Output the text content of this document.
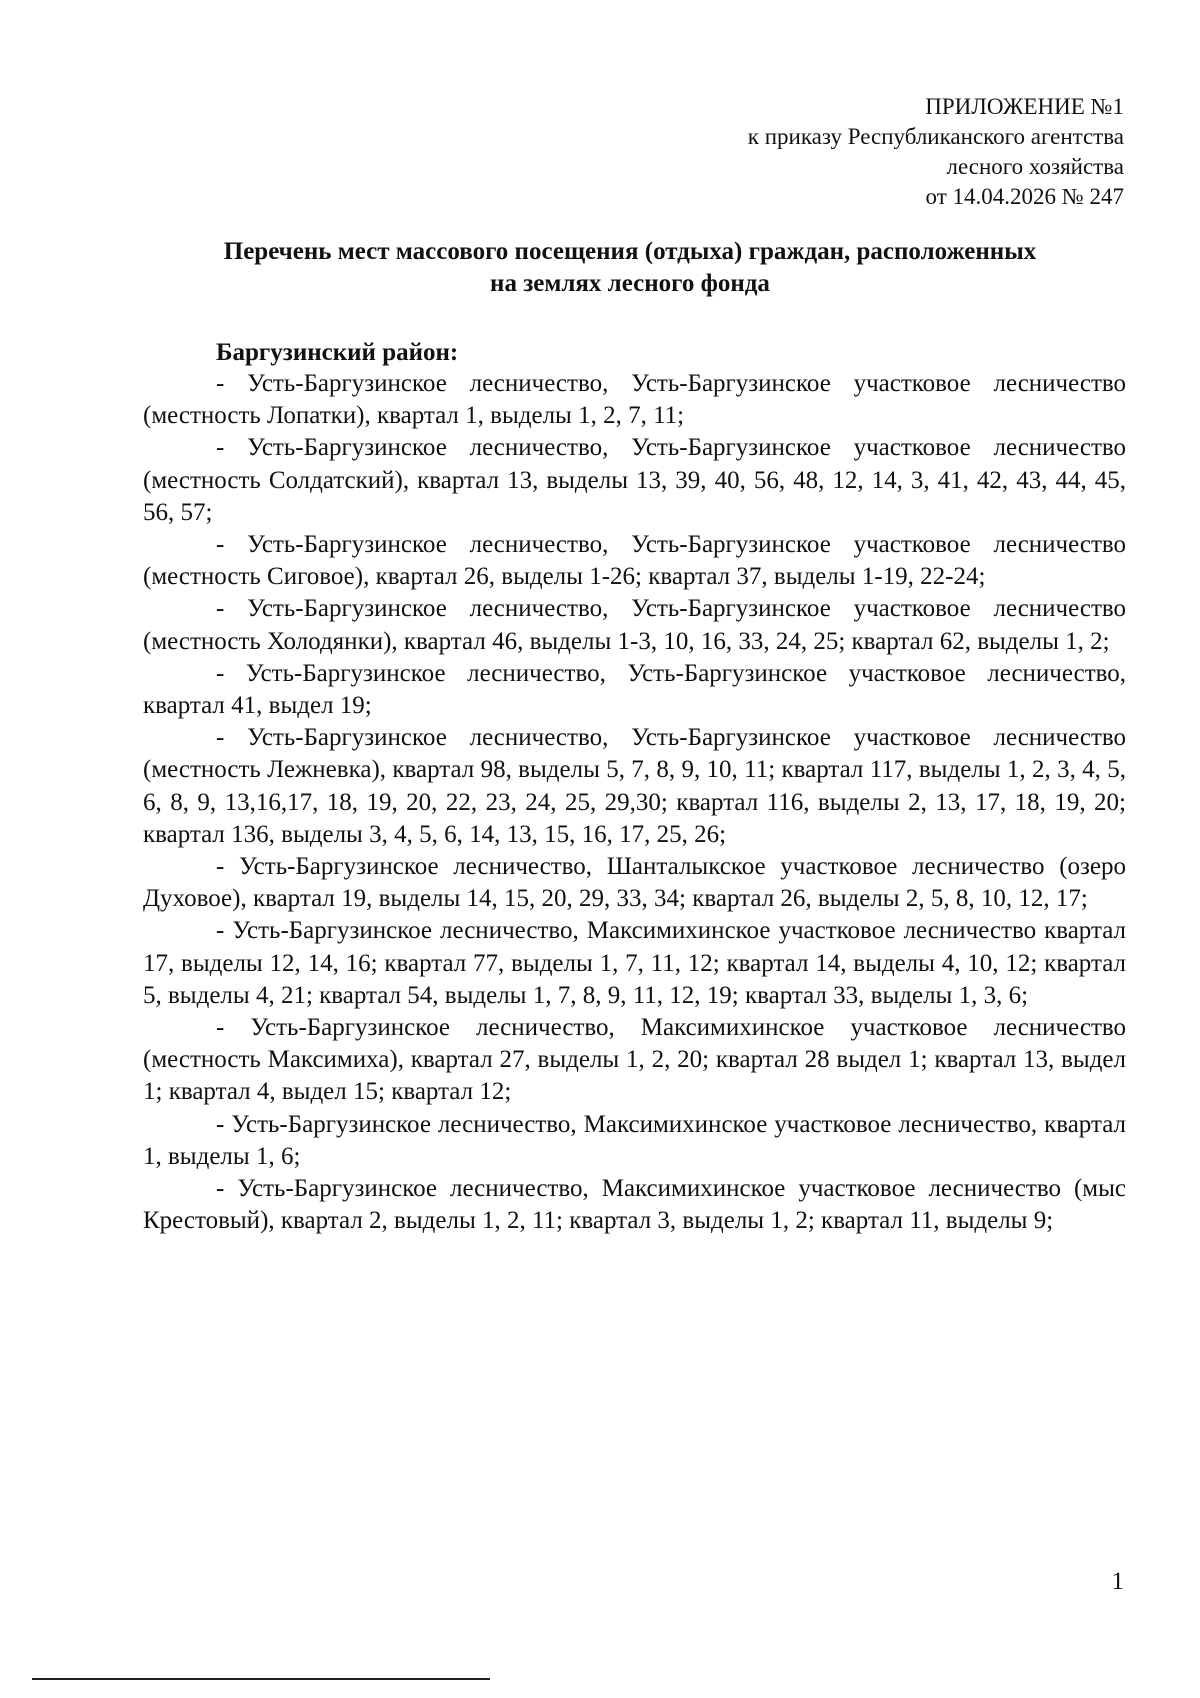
ПРИЛОЖЕНИЕ №1
к приказу Республиканского агентства
лесного хозяйства
от 14.04.2026 № 247
Перечень мест массового посещения (отдыха) граждан, расположенных
на землях лесного фонда
Баргузинский район:

- Усть-Баргузинское лесничество, Усть-Баргузинское участковое лесничество (местность Лопатки), квартал 1, выделы 1, 2, 7, 11;

- Усть-Баргузинское лесничество, Усть-Баргузинское участковое лесничество (местность Солдатский), квартал 13, выделы 13, 39, 40, 56, 48, 12, 14, 3, 41, 42, 43, 44, 45, 56, 57;

- Усть-Баргузинское лесничество, Усть-Баргузинское участковое лесничество (местность Сиговое), квартал 26, выделы 1-26; квартал 37, выделы 1-19, 22-24;

- Усть-Баргузинское лесничество, Усть-Баргузинское участковое лесничество (местность Холодянки), квартал 46, выделы 1-3, 10, 16, 33, 24, 25; квартал 62, выделы 1, 2;

- Усть-Баргузинское лесничество, Усть-Баргузинское участковое лесничество, квартал 41, выдел 19;

- Усть-Баргузинское лесничество, Усть-Баргузинское участковое лесничество (местность Лежневка), квартал 98, выделы 5, 7, 8, 9, 10, 11; квартал 117, выделы 1, 2, 3, 4, 5, 6, 8, 9, 13,16,17, 18, 19, 20, 22, 23, 24, 25, 29,30; квартал 116, выделы 2, 13, 17, 18, 19, 20; квартал 136, выделы 3, 4, 5, 6, 14, 13, 15, 16, 17, 25, 26;

- Усть-Баргузинское лесничество, Шанталыкское участковое лесничество (озеро Духовое), квартал 19, выделы 14, 15, 20, 29, 33, 34; квартал 26, выделы 2, 5, 8, 10, 12, 17;

- Усть-Баргузинское лесничество, Максимихинское участковое лесничество квартал 17, выделы 12, 14, 16; квартал 77, выделы 1, 7, 11, 12; квартал 14, выделы 4, 10, 12; квартал 5, выделы 4, 21; квартал 54, выделы 1, 7, 8, 9, 11, 12, 19; квартал 33, выделы 1, 3, 6;

- Усть-Баргузинское лесничество, Максимихинское участковое лесничество (местность Максимиха), квартал 27, выделы 1, 2, 20; квартал 28 выдел 1; квартал 13, выдел 1; квартал 4, выдел 15; квартал 12;

- Усть-Баргузинское лесничество, Максимихинское участковое лесничество, квартал 1, выделы 1, 6;

- Усть-Баргузинское лесничество, Максимихинское участковое лесничество (мыс Крестовый), квартал 2, выделы 1, 2, 11; квартал 3, выделы 1, 2; квартал 11, выделы 9;

1
